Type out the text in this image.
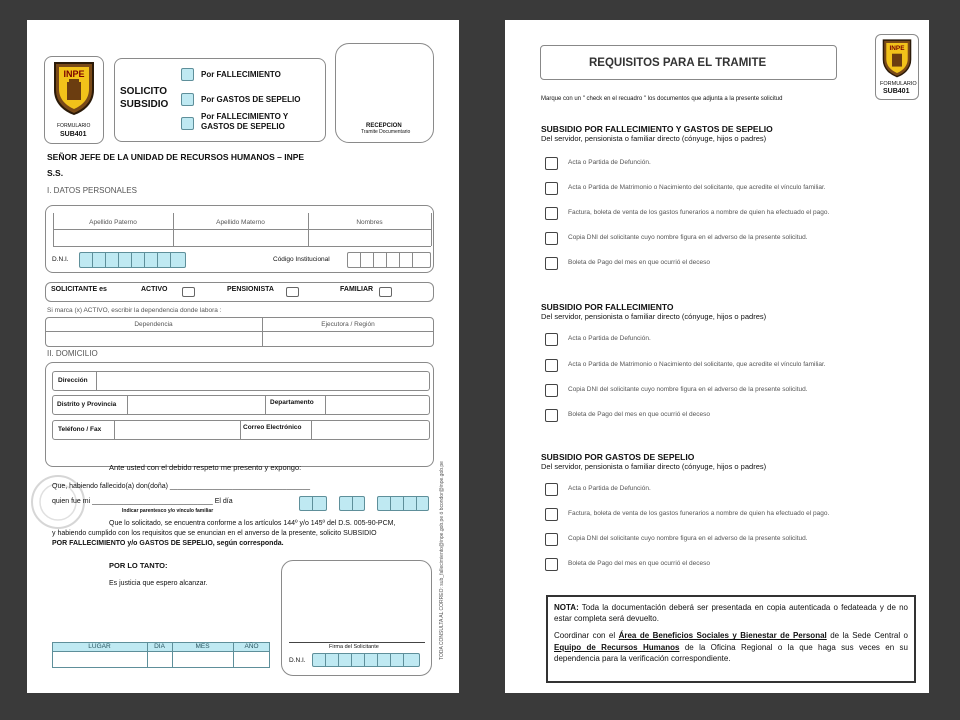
INPE
FORMULARIO
SUB401
SOLICITO
SUBSIDIO
Por FALLECIMIENTO
Por GASTOS DE SEPELIO
Por FALLECIMIENTO Y
GASTOS DE SEPELIO	RECEPCION
Tramite Documentario
SEÑOR JEFE DE LA UNIDAD DE RECURSOS HUMANOS – INPE
S.S.
I. DATOS PERSONALES
Apellido Paterno	Apellido Materno	Nombres
D.N.I.	Código Institucional
SOLICITANTE es	ACTIVO	PENSIONISTA	FAMILIAR
Si marca (x) ACTIVO, escribir la dependencia donde labora :
Dependencia	Ejecutora / Región
II. DOMICILIO
Dirección
Distrito y Provincia	Departamento
Teléfono / Fax	Correo Electrónico
Ante usted con el debido respeto me presento y expongo:
Que, habiendo fallecido(a) don(doña) ____________________________________
quien fue mi _______________________________ El día
Indicar parentesco y/o vínculo familiar
Que lo solicitado, se encuentra conforme a los artículos 144º y/o 145º del D.S. 005-90-PCM,
y habiendo cumplido con los requisitos que se enuncian en el anverso de la presente, solicito SUBSIDIO
POR FALLECIMIENTO y/o GASTOS DE SEPELIO, según corresponda.
POR LO TANTO:
Es justicia que espero alcanzar.
Firma del Solicitante
D.N.I.
LUGAR	DIA	MES	AÑO	TODA CONSULTA AL CORREO: sub_fallecimiento@inpe.gob.pe ó bcondor@inpe.gob.pe
REQUISITOS PARA EL TRAMITE
INPE
FORMULARIO
SUB401
Marque con un " check en el recuadro " los documentos que adjunta a la presente solicitud
SUBSIDIO POR FALLECIMIENTO Y GASTOS DE SEPELIO
Del servidor, pensionista o familiar directo (cónyuge, hijos o padres)
Acta o Partida de Defunción.
Acta o Partida de Matrimonio o Nacimiento del solicitante, que acredite el vínculo familiar.
Factura, boleta de venta de los gastos funerarios a nombre de quien ha efectuado el pago.
Copia DNI del solicitante cuyo nombre figura en el adverso de la presente solicitud.
Boleta de Pago del mes en que ocurrió el deceso
SUBSIDIO POR FALLECIMIENTO
Del servidor, pensionista o familiar directo (cónyuge, hijos o padres)
Acta o Partida de Defunción.
Acta o Partida de Matrimonio o Nacimiento del solicitante, que acredite el vínculo familiar.
Copia DNI del solicitante cuyo nombre figura en el adverso de la presente solicitud.
Boleta de Pago del mes en que ocurrió el deceso
SUBSIDIO POR GASTOS DE SEPELIO
Del servidor, pensionista o familiar directo (cónyuge, hijos o padres)
Acta o Partida de Defunción.
Factura, boleta de venta de los gastos funerarios a nombre de quien ha efectuado el pago.
Copia DNI del solicitante cuyo nombre figura en el adverso de la presente solicitud.
Boleta de Pago del mes en que ocurrió el deceso
NOTA: Toda la documentación deberá ser presentada en copia autenticada o fedateada y de no estar completa será devuelto.
Coordinar con el Área de Beneficios Sociales y Bienestar de Personal de la Sede Central o Equipo de Recursos Humanos de la Oficina Regional o la que haga sus veces en su dependencia para la verificación correspondiente.
